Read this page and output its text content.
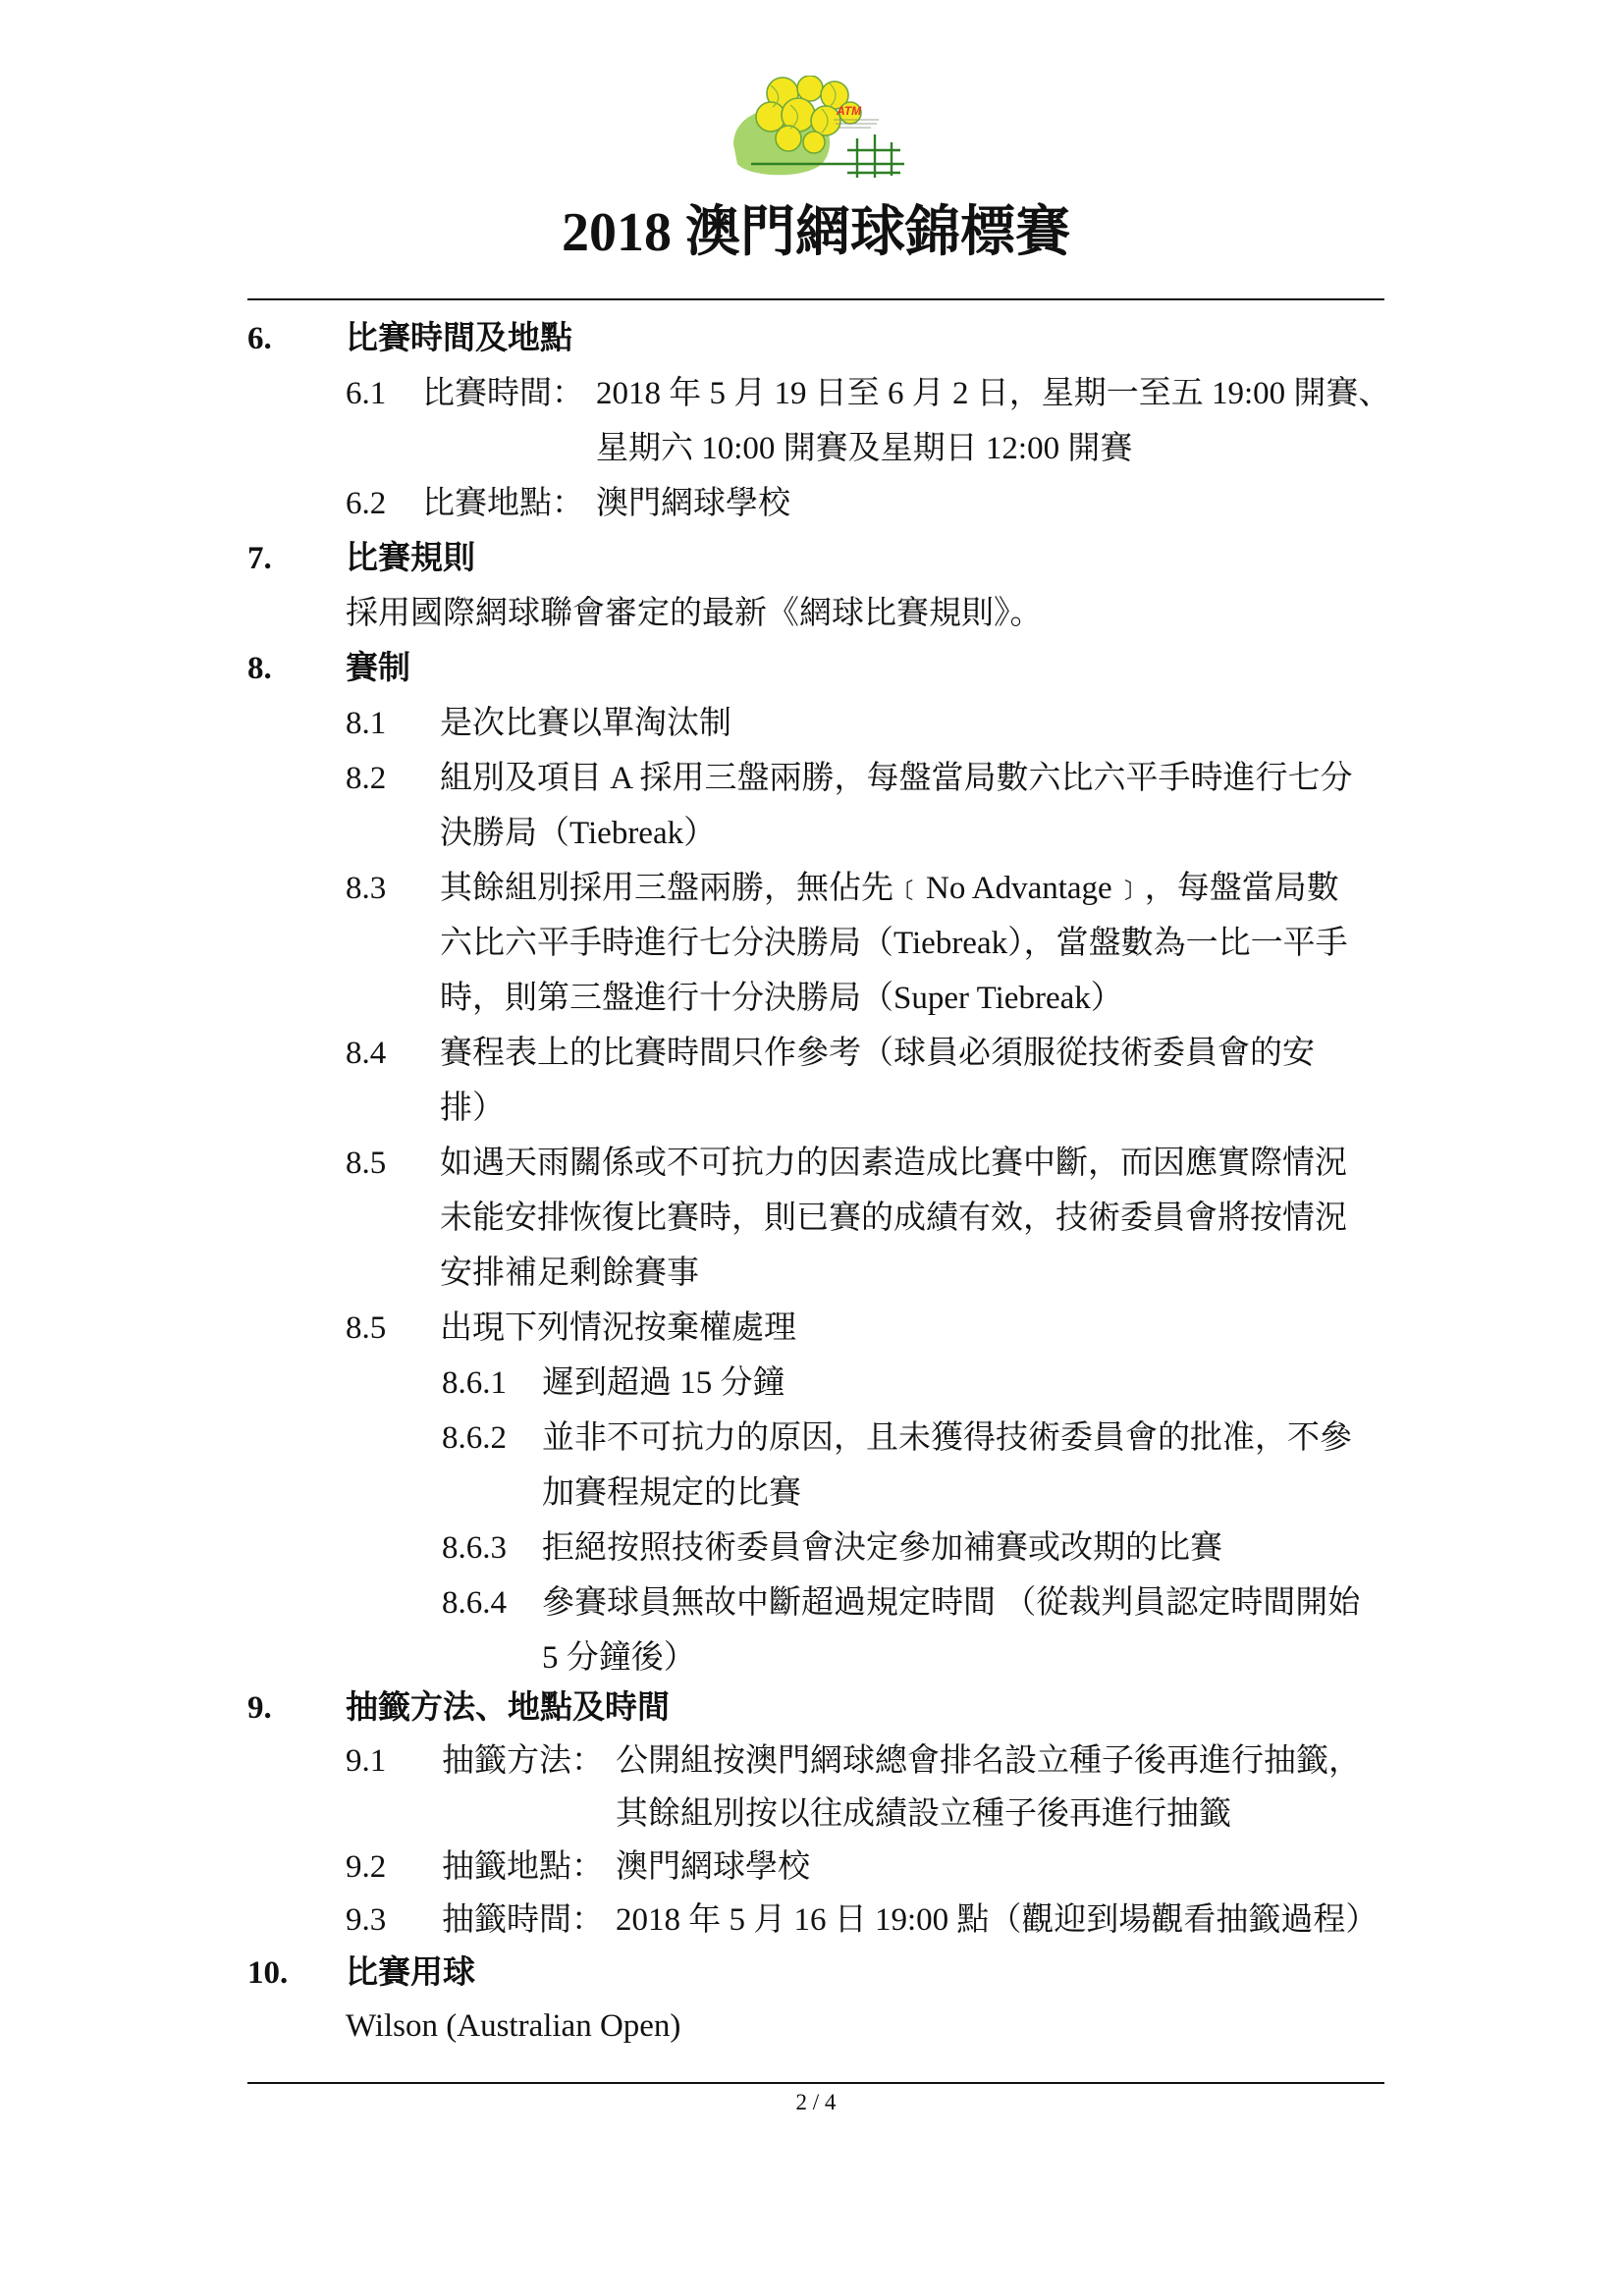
ATM
2018 澳門網球錦標賽
6.	比賽時間及地點
6.1	比賽時間： 2018 年 5 月 19 日至 6 月 2 日，星期一至五 19:00 開賽、
星期六 10:00 開賽及星期日 12:00 開賽
6.2	比賽地點： 澳門網球學校
7.	比賽規則
採用國際網球聯會審定的最新《網球比賽規則》。
8.	賽制
8.1	是次比賽以單淘汰制
8.2	組別及項目 A 採用三盤兩勝，每盤當局數六比六平手時進行七分
決勝局（Tiebreak）
8.3	其餘組別採用三盤兩勝，無佔先﹝No Advantage﹞，每盤當局數
六比六平手時進行七分決勝局（Tiebreak），當盤數為一比一平手
時，則第三盤進行十分決勝局（Super Tiebreak）
8.4	賽程表上的比賽時間只作參考（球員必須服從技術委員會的安
排）
8.5	如遇天雨關係或不可抗力的因素造成比賽中斷，而因應實際情況
未能安排恢復比賽時，則已賽的成績有效，技術委員會將按情況
安排補足剩餘賽事
8.5	出現下列情況按棄權處理
8.6.1	遲到超過 15 分鐘
8.6.2	並非不可抗力的原因，且未獲得技術委員會的批准，不參
加賽程規定的比賽
8.6.3	拒絕按照技術委員會決定參加補賽或改期的比賽
8.6.4	參賽球員無故中斷超過規定時間 （從裁判員認定時間開始
5 分鐘後）
9.	抽籤方法、地點及時間
9.1	抽籤方法： 公開組按澳門網球總會排名設立種子後再進行抽籤，
其餘組別按以往成績設立種子後再進行抽籤
9.2	抽籤地點： 澳門網球學校
9.3	抽籤時間： 2018 年 5 月 16 日 19:00 點（觀迎到場觀看抽籤過程）
10.	比賽用球
Wilson (Australian Open)
2 / 4
